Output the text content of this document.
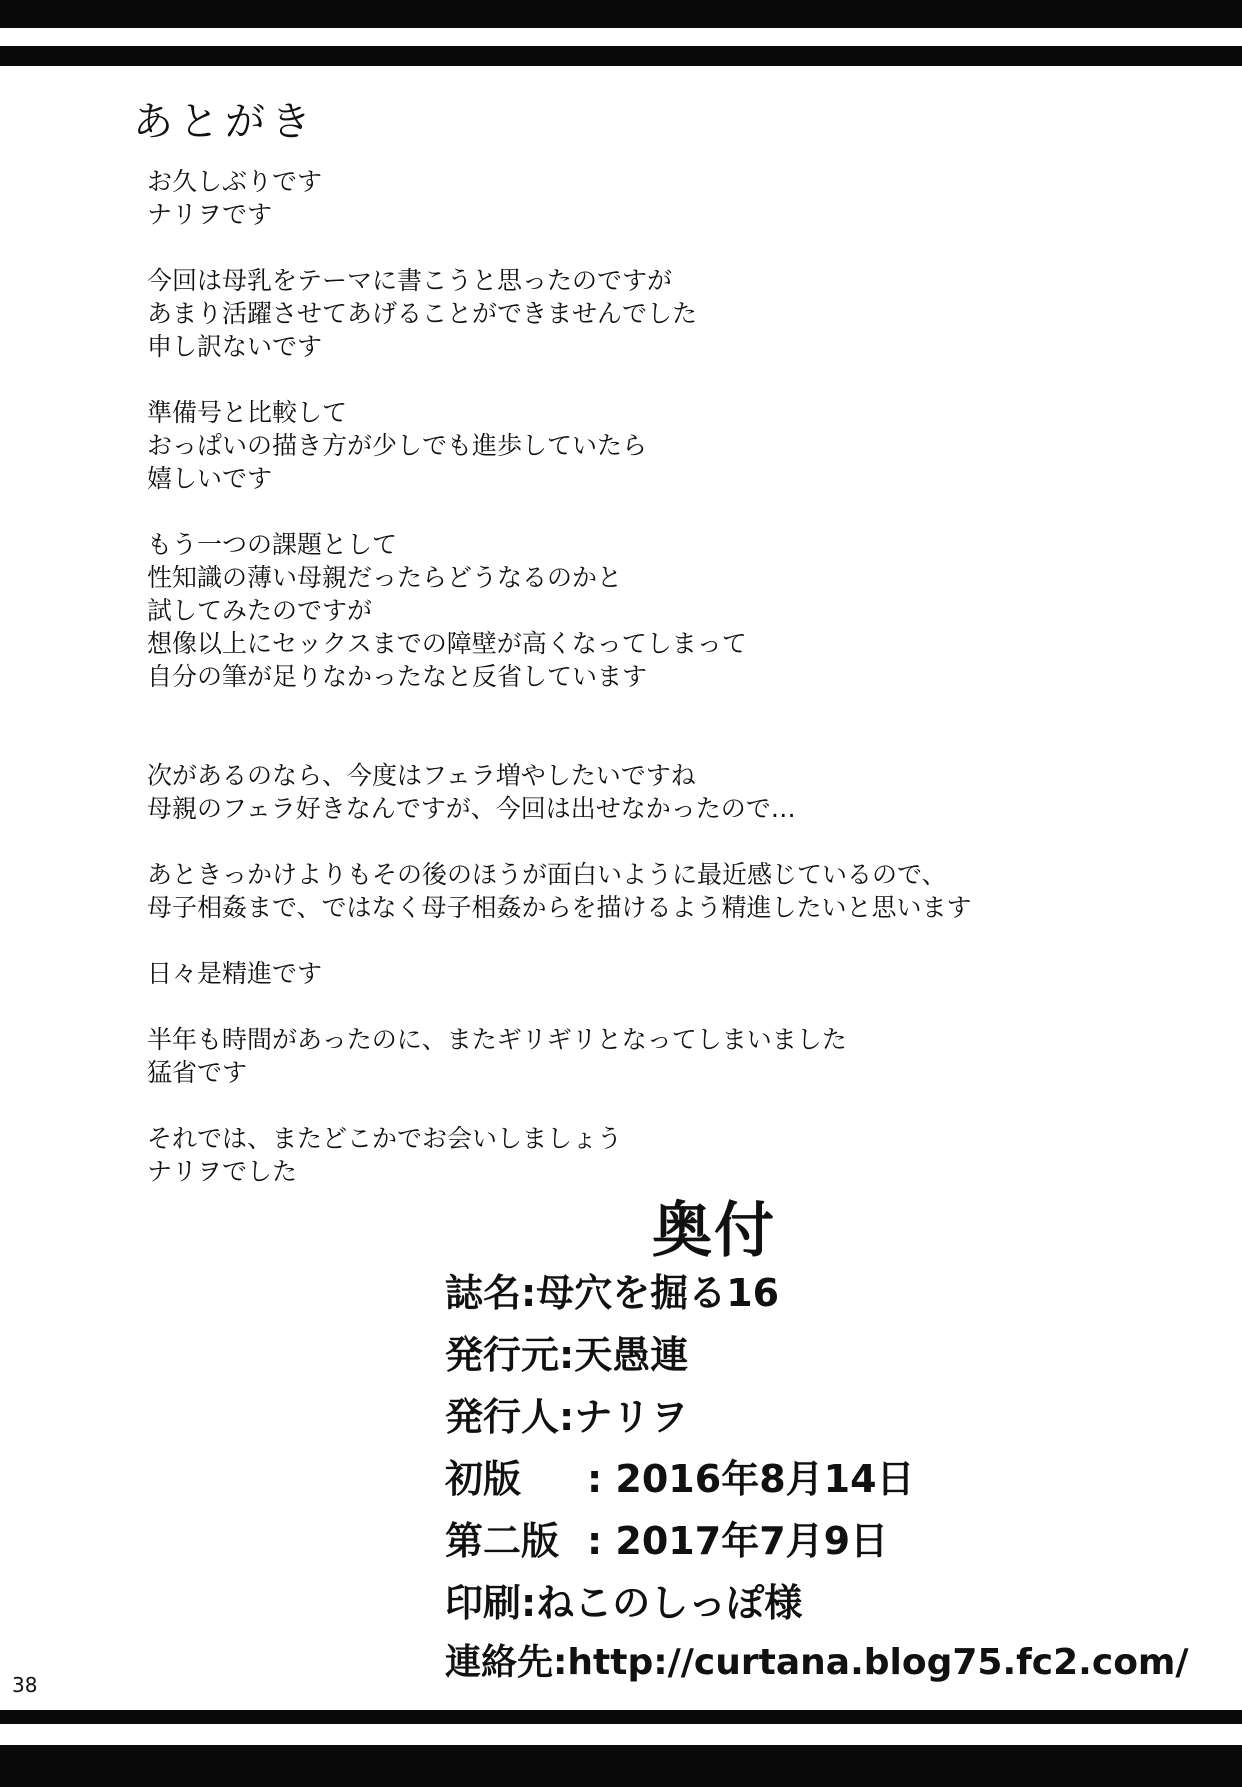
あとがき
お久しぶりです
ナリヲです
今回は母乳をテーマに書こうと思ったのですが
あまり活躍させてあげることができませんでした
申し訳ないです
準備号と比較して
おっぱいの描き方が少しでも進歩していたら
嬉しいです
もう一つの課題として
性知識の薄い母親だったらどうなるのかと
試してみたのですが
想像以上にセックスまでの障壁が高くなってしまって
自分の筆が足りなかったなと反省しています
次があるのなら、今度はフェラ増やしたいですね
母親のフェラ好きなんですが、今回は出せなかったので…
あときっかけよりもその後のほうが面白いように最近感じているので、
母子相姦まで、ではなく母子相姦からを描けるよう精進したいと思います
日々是精進です
半年も時間があったのに、またギリギリとなってしまいました
猛省です
それでは、またどこかでお会いしましょう
ナリヲでした
奥付
誌名:母穴を掘る16
発行元:天愚連
発行人:ナリヲ
初版 : 2016年8月14日
第二版 : 2017年7月9日
印刷:ねこのしっぽ様
連絡先:http://curtana.blog75.fc2.com/
38
